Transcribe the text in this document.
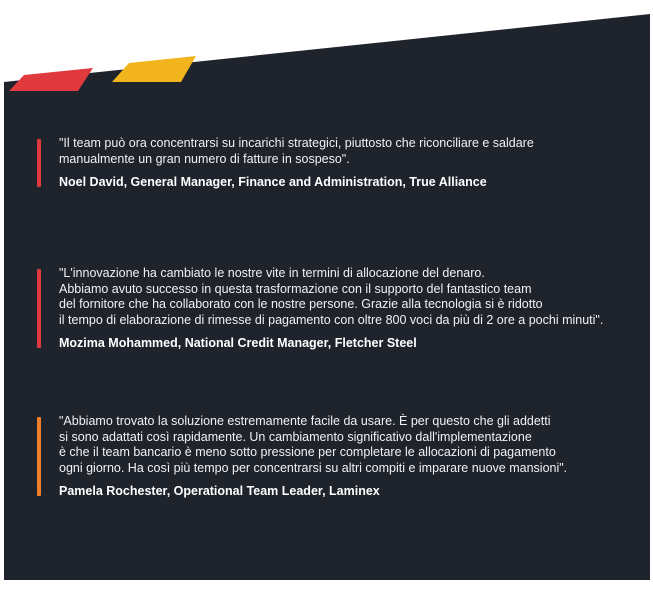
"Il team può ora concentrarsi su incarichi strategici, piuttosto che riconciliare e saldare
manualmente un gran numero di fatture in sospeso".

Noel David, General Manager, Finance and Administration, True Alliance

"L'innovazione ha cambiato le nostre vite in termini di allocazione del denaro.
Abbiamo avuto successo in questa trasformazione con il supporto del fantastico team
del fornitore che ha collaborato con le nostre persone. Grazie alla tecnologia si è ridotto
il tempo di elaborazione di rimesse di pagamento con oltre 800 voci da più di 2 ore a pochi minuti".

Mozima Mohammed, National Credit Manager, Fletcher Steel

"Abbiamo trovato la soluzione estremamente facile da usare. È per questo che gli addetti
si sono adattati così rapidamente. Un cambiamento significativo dall'implementazione
è che il team bancario è meno sotto pressione per completare le allocazioni di pagamento
ogni giorno. Ha così più tempo per concentrarsi su altri compiti e imparare nuove mansioni".

Pamela Rochester, Operational Team Leader, Laminex
